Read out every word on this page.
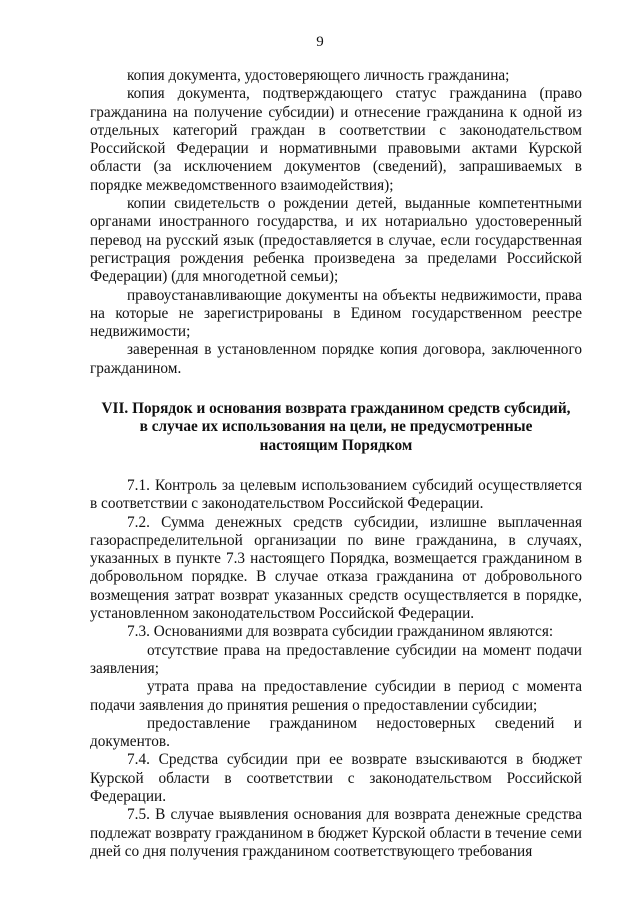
9

копия документа, удостоверяющего личность гражданина;

копия документа, подтверждающего статус гражданина (право гражданина на получение субсидии) и отнесение гражданина к одной из отдельных категорий граждан в соответствии с законодательством Российской Федерации и нормативными правовыми актами Курской области (за исключением документов (сведений), запрашиваемых в порядке межведомственного взаимодействия);

копии свидетельств о рождении детей, выданные компетентными органами иностранного государства, и их нотариально удостоверенный перевод на русский язык (предоставляется в случае, если государственная регистрация рождения ребенка произведена за пределами Российской Федерации) (для многодетной семьи);

правоустанавливающие документы на объекты недвижимости, права на которые не зарегистрированы в Едином государственном реестре недвижимости;

заверенная в установленном порядке копия договора, заключенного гражданином.

VII. Порядок и основания возврата гражданином средств субсидий,
в случае их использования на цели, не предусмотренные
настоящим Порядком

7.1. Контроль за целевым использованием субсидий осуществляется в соответствии с законодательством Российской Федерации.

7.2. Сумма денежных средств субсидии, излишне выплаченная газораспределительной организации по вине гражданина, в случаях, указанных в пункте 7.3 настоящего Порядка, возмещается гражданином в добровольном порядке. В случае отказа гражданина от добровольного возмещения затрат возврат указанных средств осуществляется в порядке, установленном законодательством Российской Федерации.

7.3. Основаниями для возврата субсидии гражданином являются:

отсутствие права на предоставление субсидии на момент подачи заявления;

утрата права на предоставление субсидии в период с момента подачи заявления до принятия решения о предоставлении субсидии;

предоставление гражданином недостоверных сведений и документов.

7.4. Средства субсидии при ее возврате взыскиваются в бюджет Курской области в соответствии с законодательством Российской Федерации.

7.5. В случае выявления основания для возврата денежные средства подлежат возврату гражданином в бюджет Курской области в течение семи дней со дня получения гражданином соответствующего требования
